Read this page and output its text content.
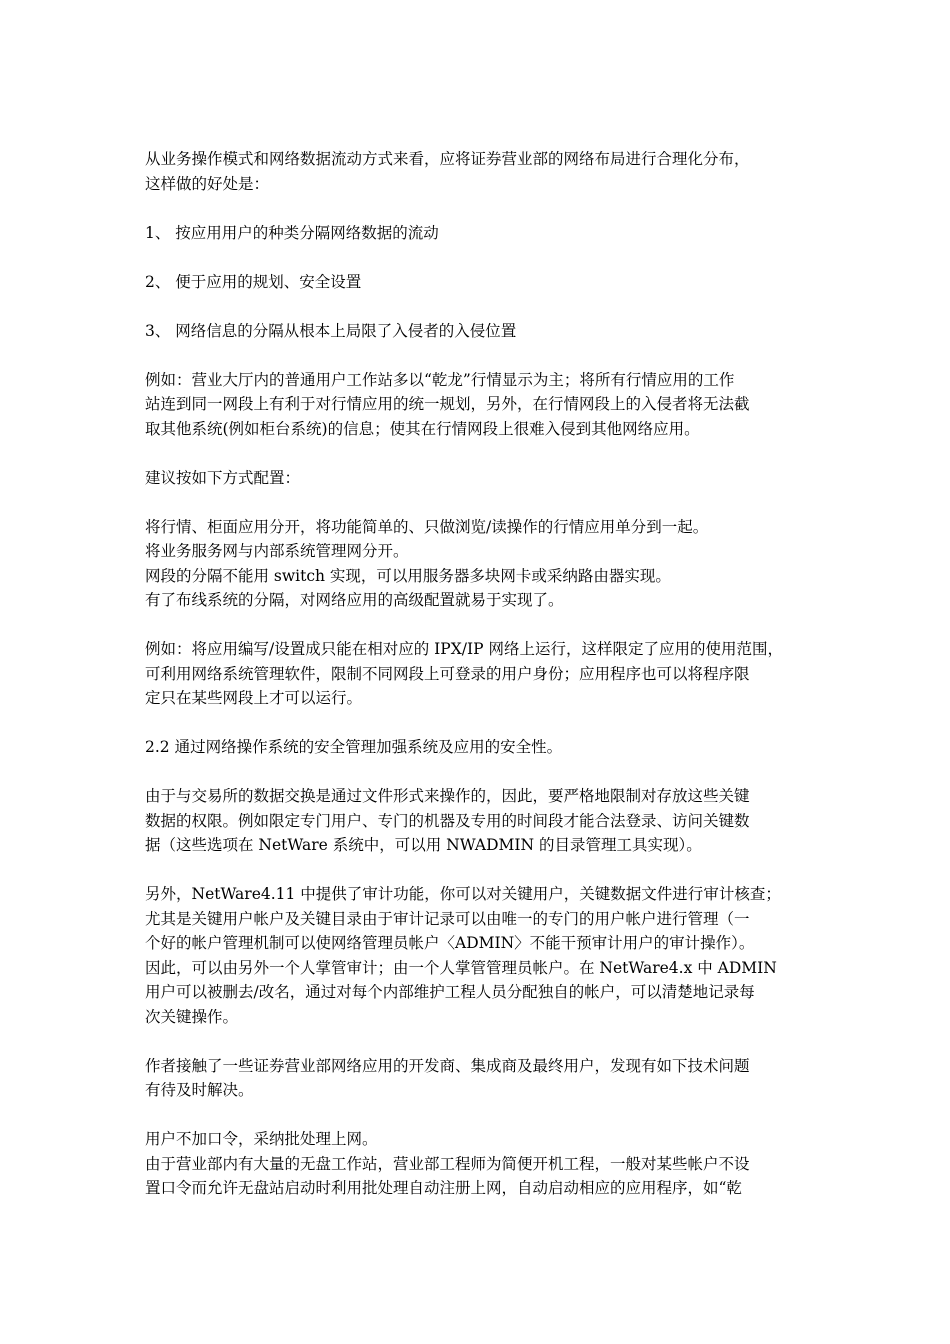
从业务操作模式和网络数据流动方式来看，应将证券营业部的网络布局进行合理化分布，
这样做的好处是：
1、 按应用用户的种类分隔网络数据的流动
2、 便于应用的规划、安全设置
3、 网络信息的分隔从根本上局限了入侵者的入侵位置
例如：营业大厅内的普通用户工作站多以“乾龙”行情显示为主；将所有行情应用的工作
站连到同一网段上有利于对行情应用的统一规划，另外，在行情网段上的入侵者将无法截
取其他系统(例如柜台系统)的信息；使其在行情网段上很难入侵到其他网络应用。
建议按如下方式配置：
将行情、柜面应用分开，将功能简单的、只做浏览/读操作的行情应用单分到一起。
将业务服务网与内部系统管理网分开。
网段的分隔不能用 switch 实现，可以用服务器多块网卡或采纳路由器实现。
有了布线系统的分隔，对网络应用的高级配置就易于实现了。
例如：将应用编写/设置成只能在相对应的 IPX/IP 网络上运行，这样限定了应用的使用范围，
可利用网络系统管理软件，限制不同网段上可登录的用户身份；应用程序也可以将程序限
定只在某些网段上才可以运行。
2.2 通过网络操作系统的安全管理加强系统及应用的安全性。
由于与交易所的数据交换是通过文件形式来操作的，因此，要严格地限制对存放这些关键
数据的权限。例如限定专门用户、专门的机器及专用的时间段才能合法登录、访问关键数
据（这些选项在 NetWare 系统中，可以用 NWADMIN 的目录管理工具实现）。
另外，NetWare4.11 中提供了审计功能，你可以对关键用户，关键数据文件进行审计核查；
尤其是关键用户帐户及关键目录由于审计记录可以由唯一的专门的用户帐户进行管理（一
个好的帐户管理机制可以使网络管理员帐户〈ADMIN〉不能干预审计用户的审计操作）。
因此，可以由另外一个人掌管审计；由一个人掌管管理员帐户。在 NetWare4.x 中 ADMIN
用户可以被删去/改名，通过对每个内部维护工程人员分配独自的帐户，可以清楚地记录每
次关键操作。
作者接触了一些证券营业部网络应用的开发商、集成商及最终用户，发现有如下技术问题
有待及时解决。
用户不加口令，采纳批处理上网。
由于营业部内有大量的无盘工作站，营业部工程师为简便开机工程，一般对某些帐户不设
置口令而允许无盘站启动时利用批处理自动注册上网，自动启动相应的应用程序，如“乾
